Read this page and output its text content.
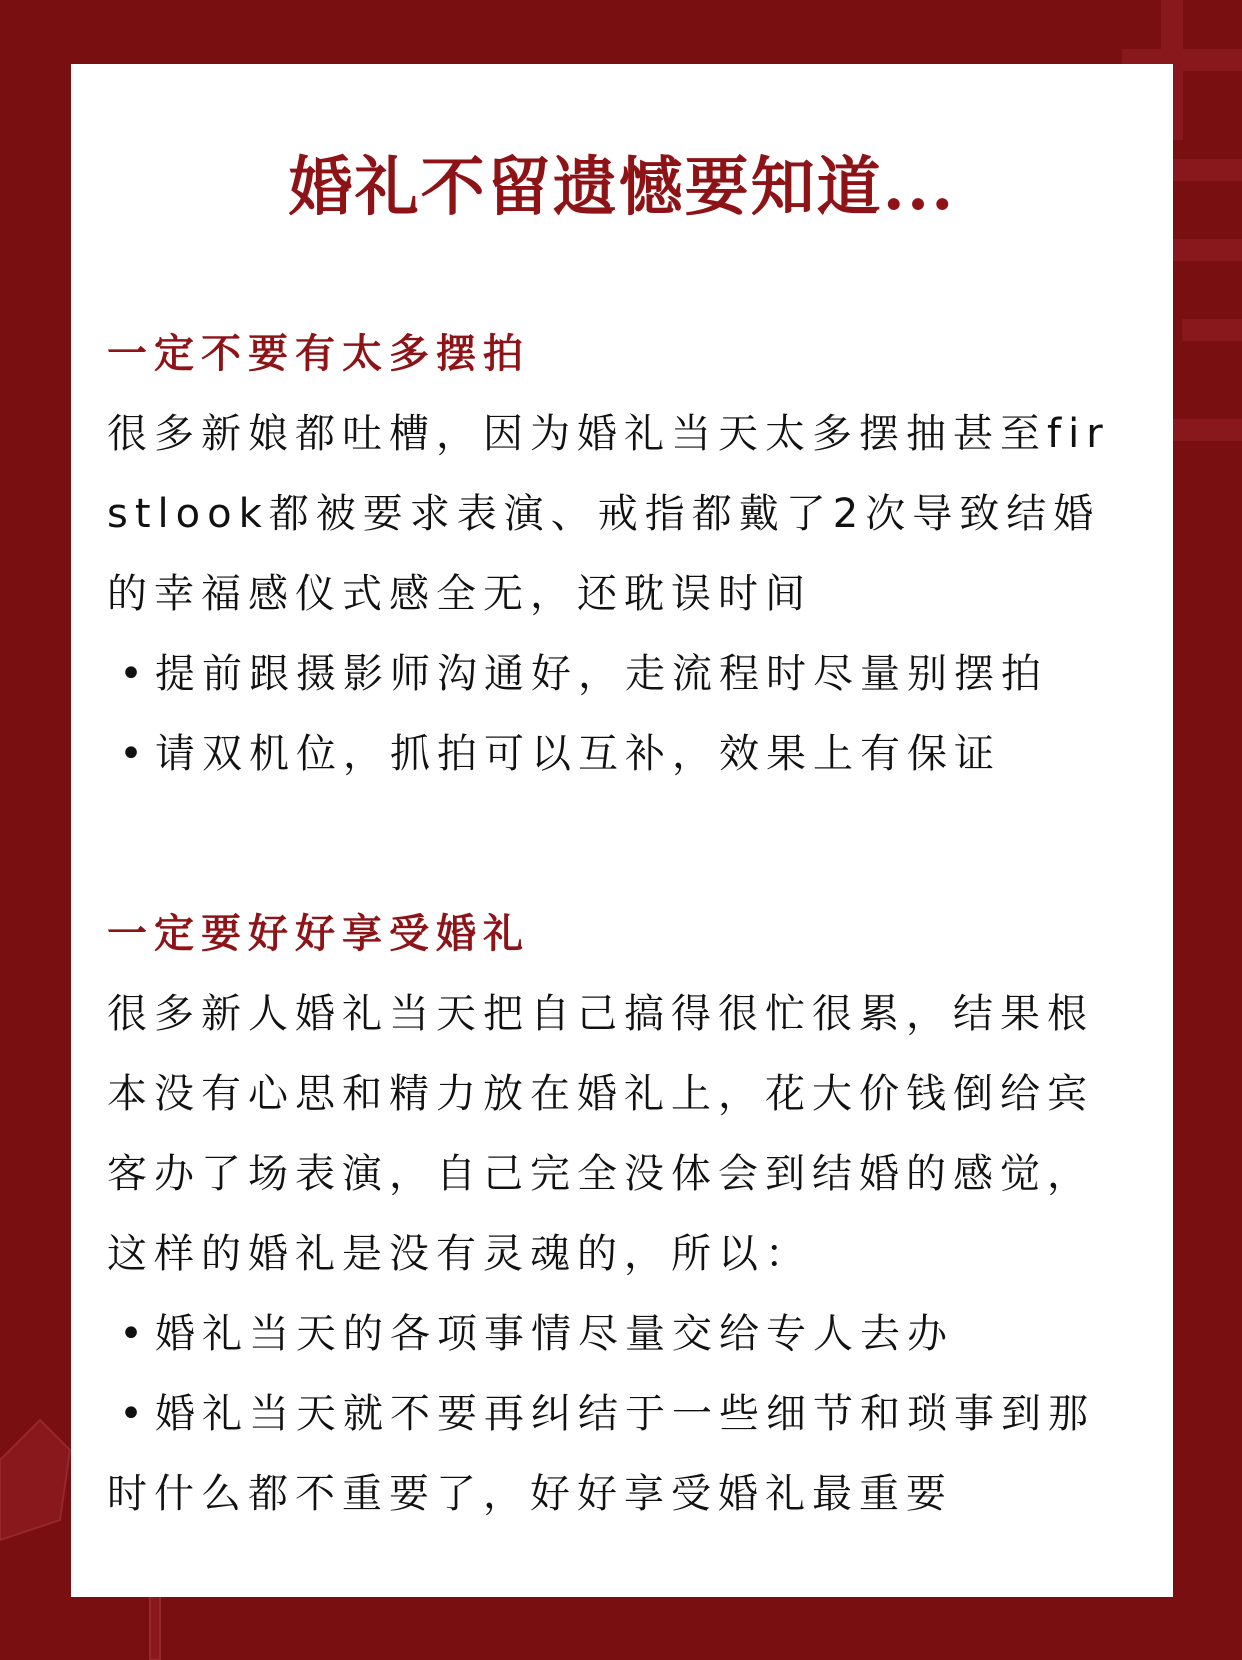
婚礼不留遗憾要知道...
一定不要有太多摆拍

很多新娘都吐槽，因为婚礼当天太多摆抽甚至firstlook都被要求表演、戒指都戴了2次导致结婚的幸福感仪式感全无，还耽误时间

• 提前跟摄影师沟通好，走流程时尽量别摆拍
• 请双机位，抓拍可以互补，效果上有保证
一定要好好享受婚礼

很多新人婚礼当天把自己搞得很忙很累，结果根本没有心思和精力放在婚礼上，花大价钱倒给宾客办了场表演，自己完全没体会到结婚的感觉，这样的婚礼是没有灵魂的，所以：

• 婚礼当天的各项事情尽量交给专人去办
• 婚礼当天就不要再纠结于一些细节和琐事到那时什么都不重要了，好好享受婚礼最重要
